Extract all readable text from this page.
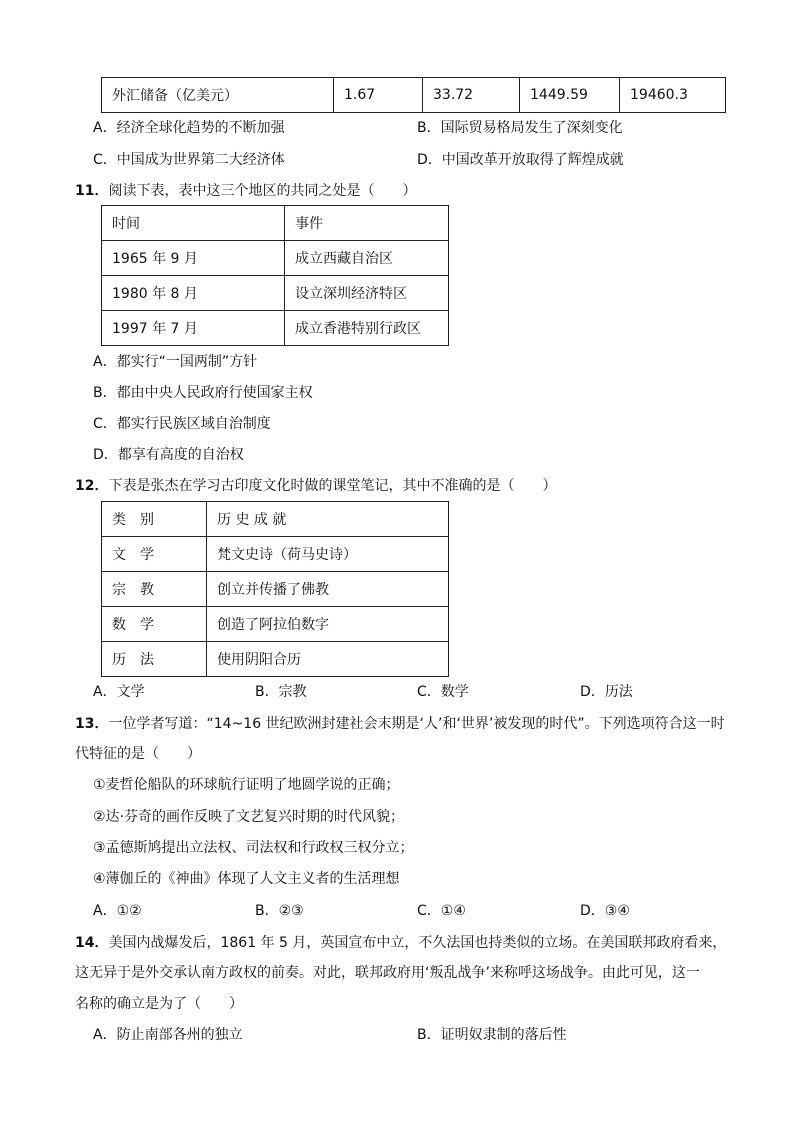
外汇储备（亿美元）	1.67	33.72	1449.59	19460.3
A．经济全球化趋势的不断加强	B．国际贸易格局发生了深刻变化
C．中国成为世界第二大经济体	D．中国改革开放取得了辉煌成就
11．阅读下表，表中这三个地区的共同之处是（　　）
时间	事件
1965 年 9 月	成立西藏自治区
1980 年 8 月	设立深圳经济特区
1997 年 7 月	成立香港特别行政区
A．都实行“一国两制”方针
B．都由中央人民政府行使国家主权
C．都实行民族区域自治制度
D．都享有高度的自治权
12．下表是张杰在学习古印度文化时做的课堂笔记，其中不准确的是（　　）
类　别	历 史 成 就
文　学	梵文史诗（荷马史诗）
宗　教	创立并传播了佛教
数　学	创造了阿拉伯数字
历　法	使用阴阳合历
A．文学	B．宗教	C．数学	D．历法
13．一位学者写道：“14~16 世纪欧洲封建社会末期是‘人’和‘世界’被发现的时代”。下列选项符合这一时
代特征的是（　　）
①麦哲伦船队的环球航行证明了地圆学说的正确；
②达·芬奇的画作反映了文艺复兴时期的时代风貌；
③孟德斯鸠提出立法权、司法权和行政权三权分立；
④薄伽丘的《神曲》体现了人文主义者的生活理想
A．①②	B．②③	C．①④	D．③④
14．美国内战爆发后，1861 年 5 月，英国宣布中立，不久法国也持类似的立场。在美国联邦政府看来，
这无异于是外交承认南方政权的前奏。对此，联邦政府用‘叛乱战争’来称呼这场战争。由此可见，这一
名称的确立是为了（　　）
A．防止南部各州的独立	B．证明奴隶制的落后性
